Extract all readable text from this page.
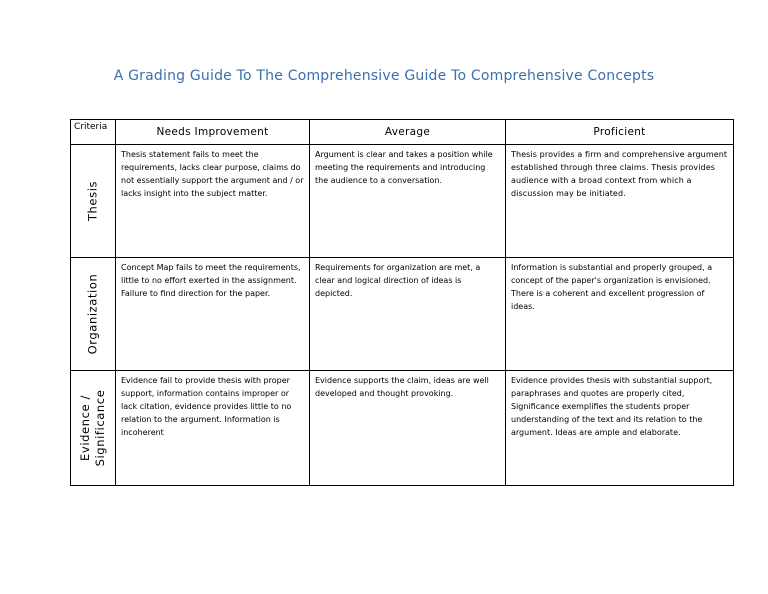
A Grading Guide To The Comprehensive Guide To Comprehensive Concepts
Criteria	Needs Improvement	Average	Proficient

Thesis	Thesis statement fails to meet the requirements, lacks clear purpose, claims do not essentially support the argument and / or lacks insight into the subject matter.	Argument is clear and takes a position while meeting the requirements and introducing the audience to a conversation.	Thesis provides a firm and comprehensive argument established through three claims. Thesis provides audience with a broad context from which a discussion may be initiated.

Organization	Concept Map fails to meet the requirements, little to no effort exerted in the assignment. Failure to find direction for the paper.	Requirements for organization are met, a clear and logical direction of ideas is depicted.	Information is substantial and properly grouped, a concept of the paper's organization is envisioned. There is a coherent and excellent progression of ideas.

Evidence /
Significance	Evidence fail to provide thesis with proper support, information contains improper or lack citation, evidence provides little to no relation to the argument. Information is incoherent	Evidence supports the claim, ideas are well developed and thought provoking.	Evidence provides thesis with substantial support, paraphrases and quotes are properly cited, Significance exemplifies the students proper understanding of the text and its relation to the argument. Ideas are ample and elaborate.
